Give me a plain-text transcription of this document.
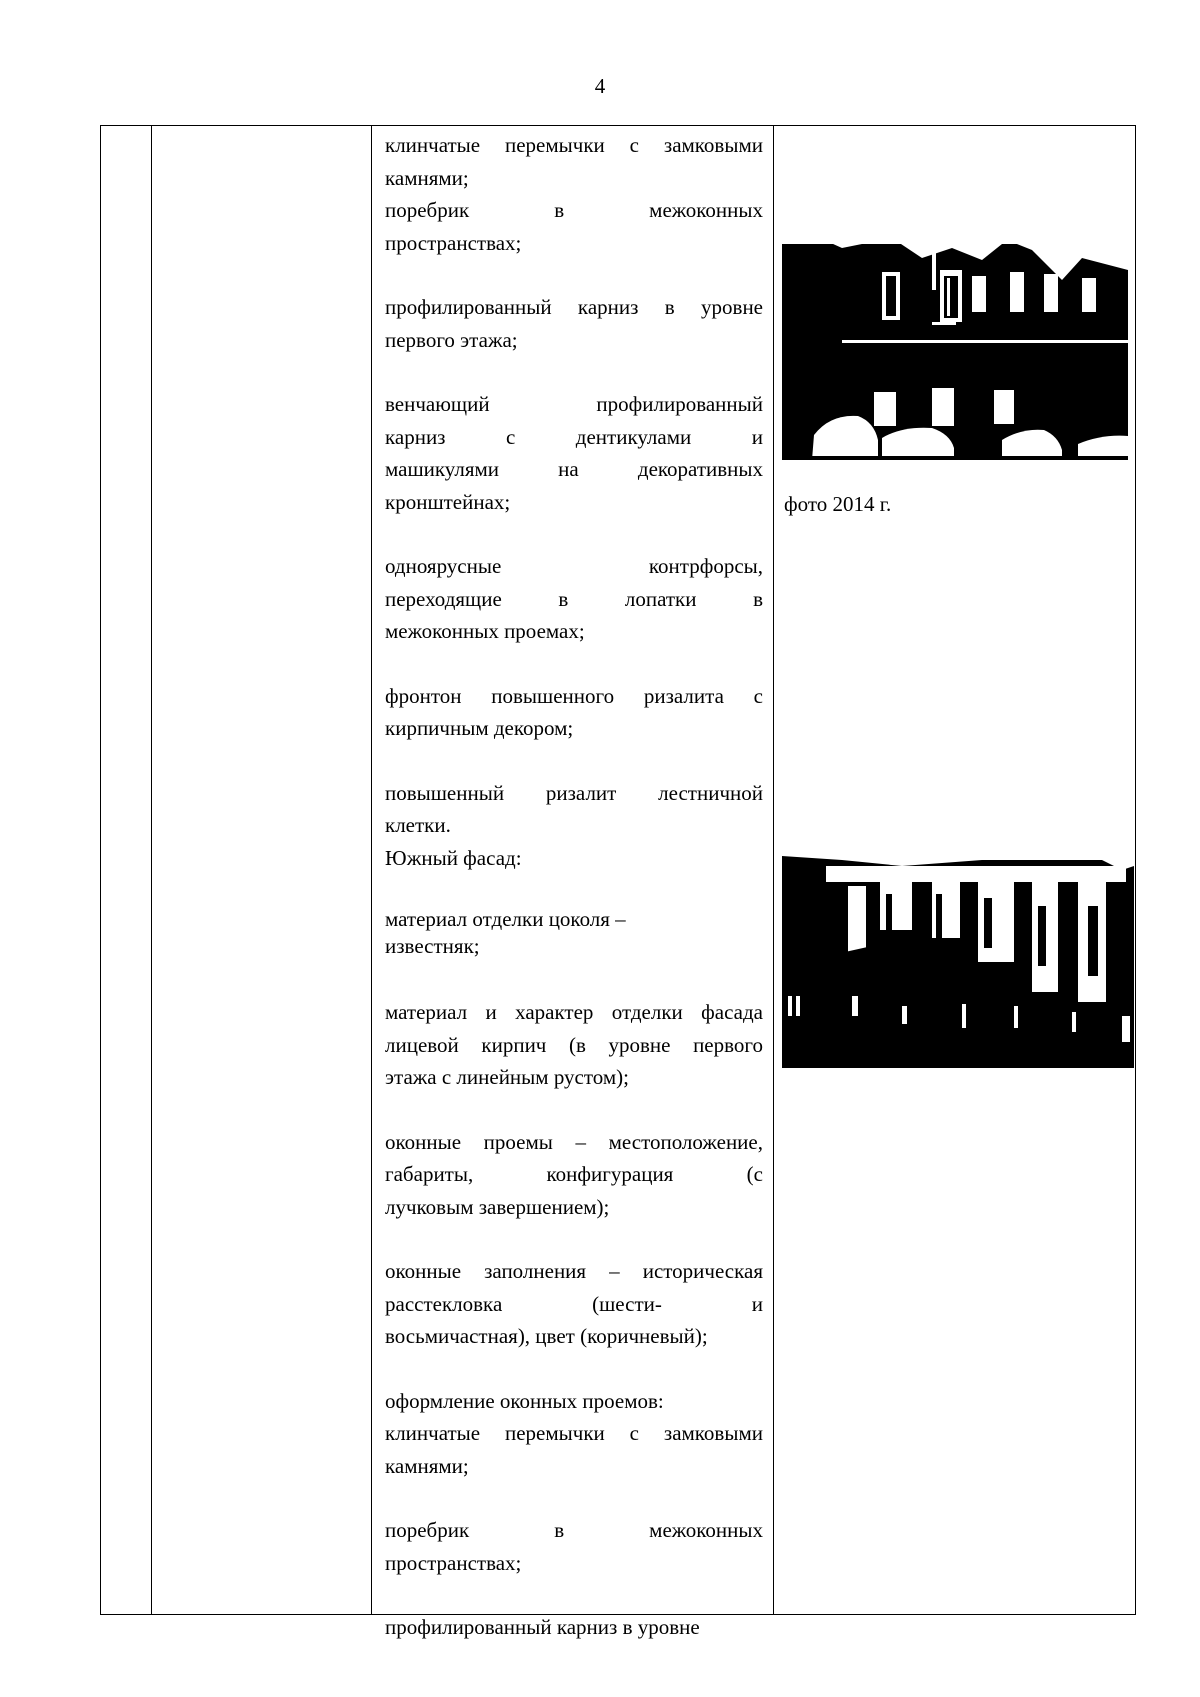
4

клинчатые перемычки с замковыми
камнями;

поребрик в межоконных
пространствах;

профилированный карниз в уровне
первого этажа;

венчающий профилированный
карниз с дентикулами и
машикулями на декоративных
кронштейнах;

одноярусные контрфорсы,
переходящие в лопатки в
межоконных проемах;

фронтон повышенного ризалита с
кирпичным декором;

повышенный ризалит лестничной
клетки.

Южный фасад:

материал отделки цоколя –
известняк;

материал и характер отделки фасада
лицевой кирпич (в уровне первого
этажа с линейным рустом);

оконные проемы – местоположение,
габариты, конфигурация (с
лучковым завершением);

оконные заполнения – историческая
расстекловка (шести- и
восьмичастная), цвет (коричневый);

оформление оконных проемов:
клинчатые перемычки с замковыми
камнями;

поребрик в межоконных
пространствах;

профилированный карниз в уровне

фото 2014 г.
